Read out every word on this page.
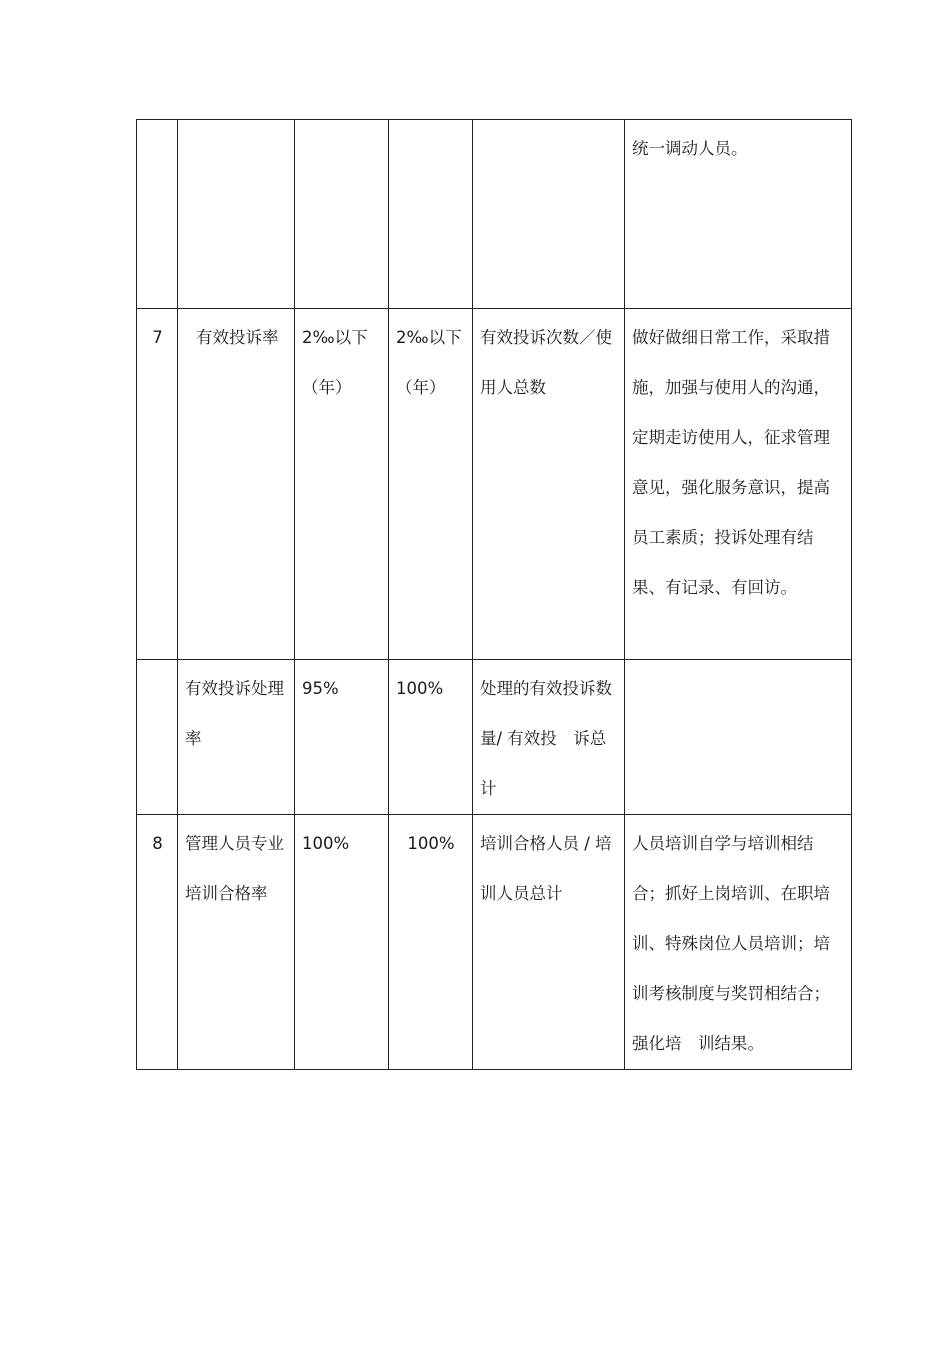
					统一调动人员。
7	有效投诉率	2‰以下（年）	2‰以下（年）	有效投诉次数／使用人总数	做好做细日常工作，采取措施，加强与使用人的沟通，定期走访使用人，征求管理意见，强化服务意识，提高员工素质；投诉处理有结　果、有记录、有回访。
	有效投诉处理率	95%	100%	处理的有效投诉数量/ 有效投　诉总计	
8	管理人员专业培训合格率	100%	100%	培训合格人员 / 培训人员总计	人员培训自学与培训相结合；抓好上岗培训、在职培训、特殊岗位人员培训；培训考核制度与奖罚相结合；强化培　训结果。
